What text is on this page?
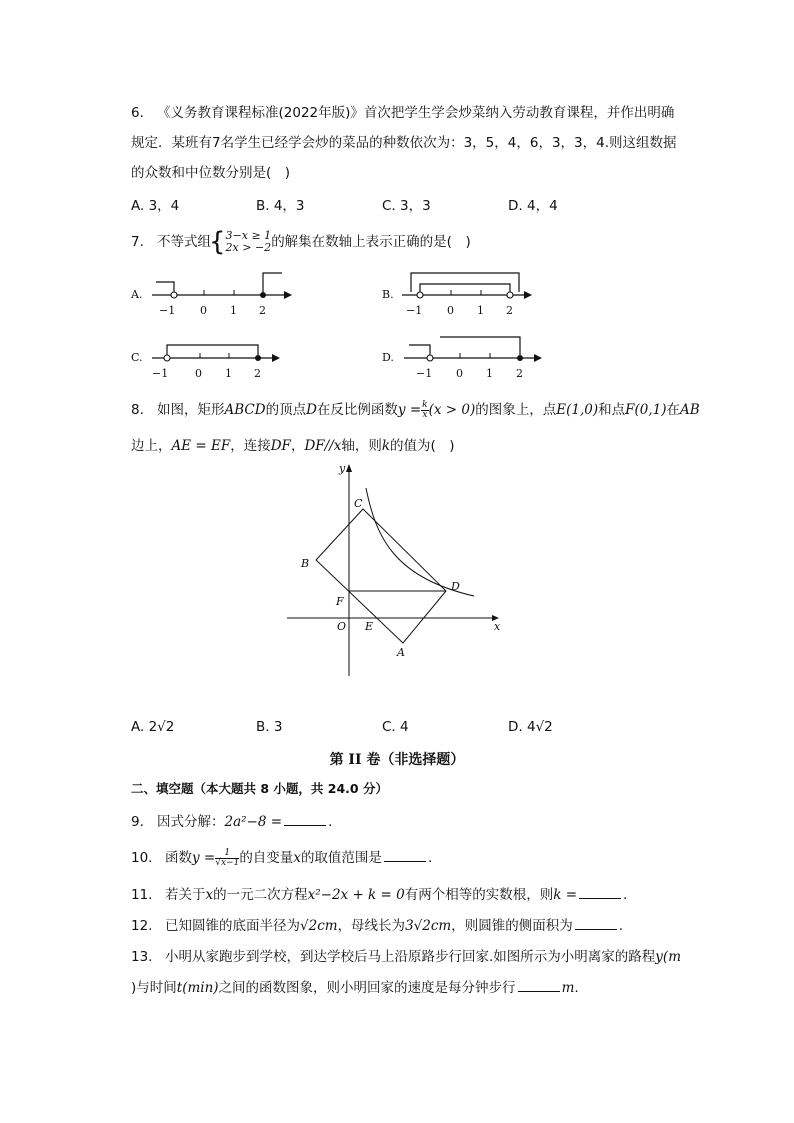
6. 《义务教育课程标准(2022年版)》首次把学生学会炒菜纳入劳动教育课程，并作出明确
规定．某班有7名学生已经学会炒的菜品的种数依次为：3，5，4，6，3，3，4.则这组数据
的众数和中位数分别是(　)
A. 3，4	B. 4，3	C. 3，3	D. 4，4
7. 不等式组{ 3−x ≥ 1
2x > −2 的解集在数轴上表示正确的是(　)
A.
−1 0 1 2
B.
−1 0 1 2
C.
−1 0 1 2
D.
−1 0 1 2
8. 如图，矩形ABCD的顶点D在反比例函数$y = \frac{k}{x} (x > 0)$的图象上，点E(1,0)和点F(0,1)在AB
边上，AE = EF，连接DF，DF//x轴，则k的值为(　)
y
x
C
B
D
F
O E
A
A. 2√2	B. 3	C. 4	D. 4√2
第 II 卷（非选择题）
二、填空题（本大题共 8 小题，共 24.0 分）
9. 因式分解：2a²−8 =	.
10. 函数$y = \frac{1}{√x-1}$ 的自变量x的取值范围是	.
11. 若关于x的一元二次方程x²−2x + k = 0有两个相等的实数根，则k =	.
12. 已知圆锥的底面半径为√2cm，母线长为3√2cm，则圆锥的侧面积为	.
13. 小明从家跑步到学校，到达学校后马上沿原路步行回家.如图所示为小明离家的路程y(m
)与时间t(min)之间的函数图象，则小明回家的速度是每分钟步行	m.
